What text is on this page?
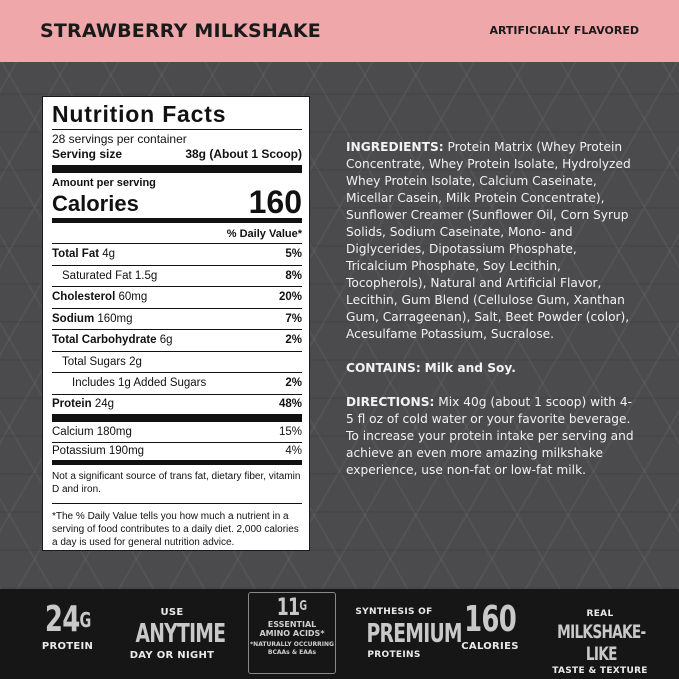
STRAWBERRY MILKSHAKE	ARTIFICIALLY FLAVORED
Nutrition Facts
28 servings per container
Serving size	38g (About 1 Scoop)
Amount per serving
Calories	160
% Daily Value*
Total Fat 4g	5%
Saturated Fat 1.5g	8%
Cholesterol 60mg	20%
Sodium 160mg	7%
Total Carbohydrate 6g	2%
Total Sugars 2g
Includes 1g Added Sugars	2%
Protein 24g	48%
Calcium 180mg	15%
Potassium 190mg	4%
Not a significant source of trans fat, dietary fiber, vitamin D and iron.
*The % Daily Value tells you how much a nutrient in a serving of food contributes to a daily diet. 2,000 calories a day is used for general nutrition advice.

INGREDIENTS: Protein Matrix (Whey Protein Concentrate, Whey Protein Isolate, Hydrolyzed Whey Protein Isolate, Calcium Caseinate, Micellar Casein, Milk Protein Concentrate), Sunflower Creamer (Sunflower Oil, Corn Syrup Solids, Sodium Caseinate, Mono- and Diglycerides, Dipotassium Phosphate, Tricalcium Phosphate, Soy Lecithin, Tocopherols), Natural and Artificial Flavor, Lecithin, Gum Blend (Cellulose Gum, Xanthan Gum, Carrageenan), Salt, Beet Powder (color), Acesulfame Potassium, Sucralose.

CONTAINS: Milk and Soy.

DIRECTIONS: Mix 40g (about 1 scoop) with 4-5 fl oz of cold water or your favorite beverage. To increase your protein intake per serving and achieve an even more amazing milkshake experience, use non-fat or low-fat milk.

$24^G$
PROTEIN
USE
ANYTIME
DAY OR NIGHT
$11^G$
ESSENTIAL
AMINO ACIDS*
*NATURALLY OCCURRING
BCAAs & EAAs
SYNTHESIS OF
PREMIUM
PROTEINS
160
CALORIES
REAL
MILKSHAKE-LIKE
TASTE & TEXTURE
